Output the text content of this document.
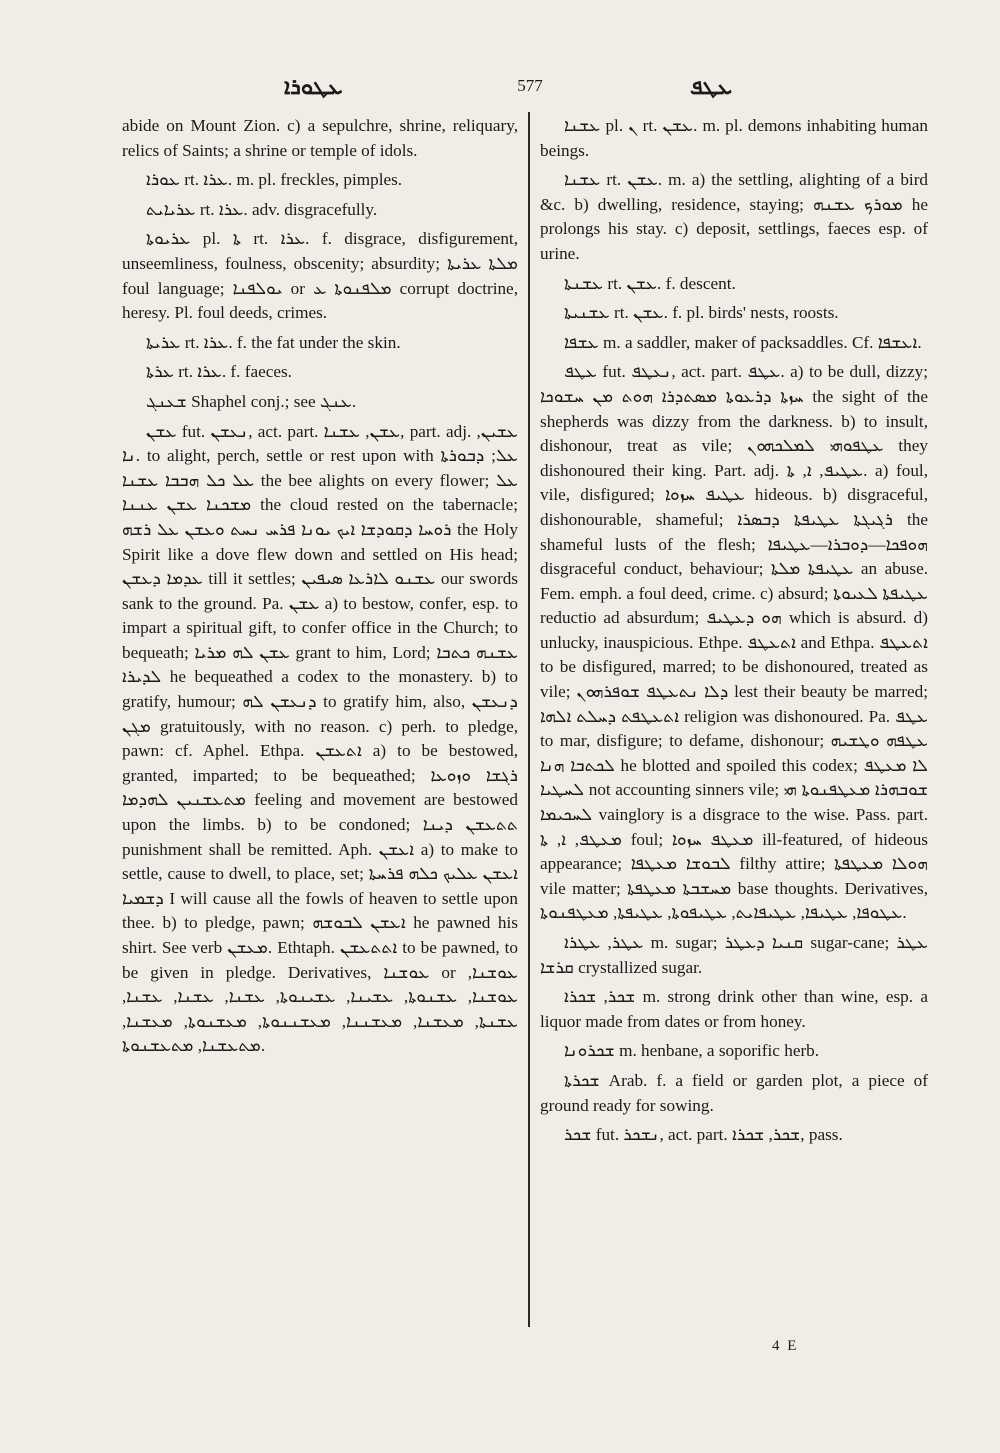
ܥܛܘܪܐ	577	ܥܛܦ

abide on Mount Zion. c) a sepulchre, shrine, reliquary, relics of Saints; a shrine or temple of idols.

ܥܘܪܐ rt. ܥܪܐ. m. pl. freckles, pimples.

ܥܪܝܐܝܬ rt. ܥܪܐ. adv. disgracefully.

ܥܪܝܘܬܐ pl. ܬܐ rt. ܥܪܐ. f. disgrace, disfigurement, unseemliness, foulness, obscenity; absurdity; ܡܠܬܐ ܥܪܝܬܐ foul language; ܝܘܠܦܢܐ or ܡܠܦܢܘܬܐ ܥ corrupt doctrine, heresy. Pl. foul deeds, crimes.

ܥܪܝܬܐ rt. ܥܪܐ. f. the fat under the skin.

ܥܪܬܐ rt. ܥܪܐ. f. faeces.

ܫܥܢܓ Shaphel conj.; see ܥܢܓ.

ܥܫܢ fut. ܢܥܫܢ, act. part. ܥܫܢ, ܥܫܢܐ, part. adj. ܥܫܝܢ, ܢܐ. to alight, perch, settle or rest upon with ܥܠ; ܕܒܘܪܬܐ ܥܠ ܟܠ ܗܒܒܐ ܥܫܢܐ the bee alights on every flower; ܥܠ ܡܫܟܢܐ ܥܫܢ ܥܢܢܐ the cloud rested on the tabernacle; ܪܘܚܐ ܕܩܘܕܫܐ ܐܝܟ ܝܘܢܐ ܦܪܚ ܢܚܬ ܘܥܫܢ ܥܠ ܪܫܗ the Holy Spirit like a dove flew down and settled on His head; ܥܕܡܐ ܕܥܫܢ till it settles; ܥܫܢܘ ܠܐܪܥܐ ܣܝܦܝܢ our swords sank to the ground. Pa. ܥܫܢ a) to bestow, confer, esp. to impart a spiritual gift, to confer office in the Church; to bequeath; ܥܫܢ ܠܗ ܡܪܝܐ grant to him, Lord; ܥܫܢܗ ܟܬܒܐ ܠܕܝܪܐ he bequeathed a codex to the monastery. b) to gratify, humour; ܕܢܥܫܢ ܠܗ to gratify him, also, ܕܢܥܫܢ ܡܓܢ gratuitously, with no reason. c) perh. to pledge, pawn: cf. Aphel. Ethpa. ܐܬܥܫܢ a) to be bestowed, granted, imparted; to be bequeathed; ܪܓܫܐ ܘܙܘܥܐ ܡܬܥܫܢܝܢ ܠܗܕܡܐ feeling and movement are bestowed upon the limbs. b) to be condoned; ܬܬܥܫܢ ܕܝܢܐ punishment shall be remitted. Aph. ܐܥܫܢ a) to make to settle, cause to dwell, to place, set; ܐܥܫܢ ܥܠܝܟ ܟܠܗ ܦܪܚܬܐ ܕܫܡܝܐ I will cause all the fowls of heaven to settle upon thee. b) to pledge, pawn; ܐܥܫܢ ܠܒܘܫܗ he pawned his shirt. See verb ܡܥܫܢ. Ethtaph. ܐܬܬܥܫܢ to be pawned, to be given in pledge. Derivatives, ܥܘܫܢܐ or ܥܘܫܢܐ, ܥܘܫܢܐ, ܥܫܢܘܬܐ, ܥܫܝܢܐ, ܥܫܝܢܘܬܐ, ܥܫܢܐ, ܥܫܢܐ, ܥܫܢܐ, ܥܫܢܬܐ, ܡܥܫܢܐ, ܡܥܫܢܢܐ, ܡܥܫܢܢܘܬܐ, ܡܥܫܢܘܬܐ, ܡܥܫܢܐ, ܡܬܥܫܢܐ, ܡܬܥܫܢܘܬܐ.

ܥܫܢܐ pl. ܢ rt. ܥܫܢ. m. pl. demons inhabiting human beings.

ܥܫܢܐ rt. ܥܫܢ. m. a) the settling, alighting of a bird &c. b) dwelling, residence, staying; ܡܘܪܟ ܥܫܢܗ he prolongs his stay. c) deposit, settlings, faeces esp. of urine.

ܥܫܢܬܐ rt. ܥܫܢ. f. descent.

ܥܫܢܝܬܐ rt. ܥܫܢ. f. pl. birds' nests, roosts.

ܥܫܦܐ m. a saddler, maker of packsaddles. Cf. ܐܥܫܦܐ.

ܥܛܦ fut. ܢܥܛܦ, act. part. ܥܛܦ. a) to be dull, dizzy; ܚܙܬܐ ܕܪܥܘܬܐ ܡܣܬܕܪܐ ܗܘܬ ܡܢ ܚܫܘܟܐ the sight of the shepherds was dizzy from the darkness. b) to insult, dishonour, treat as vile; ܥܛܦܘܗܝ ܠܡܠܟܗܘܢ they dishonoured their king. Part. adj. ܥܛܝܦ, ܐ, ܬܐ. a) foul, vile, disfigured; ܥܛܝܦ ܚܙܘܐ hideous. b) disgraceful, dishonourable, shameful; ܪܓܝܓܬܐ ܥܛܝܦܬܐ ܕܒܣܪܐ the shameful lusts of the flesh; ܗܘܦܟܐ—ܕܘܒܪܐ—ܥܛܝܦܐ disgraceful conduct, behaviour; ܥܛܝܦܬܐ ܡܠܬܐ an abuse. Fem. emph. a foul deed, crime. c) absurd; ܥܛܝܦܬܐ ܠܥܝܘܬܐ reductio ad absurdum; ܗܘ ܕܥܛܝܦ which is absurd. d) unlucky, inauspicious. Ethpe. ܐܬܥܛܦ and Ethpa. ܐܬܥܛܦ to be disfigured, marred; to be dishonoured, treated as vile; ܕܠܐ ܢܬܥܛܦ ܫܘܦܪܗܘܢ lest their beauty be marred; ܐܬܥܛܦܬ ܕܚܠܬ ܐܠܗܐ religion was dishonoured. Pa. ܥܛܦ to mar, disfigure; to defame, dishonour; ܥܛܦܗ ܘܛܫܝܗ ܠܟܬܒܐ ܗܢܐ he blotted and spoiled this codex; ܠܐ ܡܥܛܦ ܠܚܛܝܐ not accounting sinners vile; ܫܘܒܗܪܐ ܡܥܛܦܢܘܬܐ ܗܝ ܠܚܟܝܡܐ vainglory is a disgrace to the wise. Pass. part. ܡܥܛܦ, ܐ, ܬܐ foul; ܡܥܛܦ ܚܙܘܐ ill-featured, of hideous appearance; ܠܒܘܫܐ ܡܥܛܦܐ filthy attire; ܗܘܠܐ ܡܥܛܦܬܐ vile matter; ܡܚܫܒܬܐ ܡܥܛܦܬܐ base thoughts. Derivatives, ܥܛܘܦܐ, ܥܛܝܦܐ, ܥܛܝܦܐܝܬ, ܥܛܝܦܘܬܐ, ܥܛܝܦܬܐ, ܡܥܛܦܢܘܬܐ.

ܥܛܪ, ܥܛܪܐ m. sugar; ܩܢܝܐ ܕܥܛܪ sugar-cane; ܥܛܪ ܩܪܫܐ crystallized sugar.

ܫܟܪ, ܫܟܪܐ m. strong drink other than wine, esp. a liquor made from dates or from honey.

ܫܟܪܘܢܐ m. henbane, a soporific herb.

ܫܟܪܬܐ Arab. f. a field or garden plot, a piece of ground ready for sowing.

ܫܟܪ fut. ܢܫܟܪ, act. part. ܫܟܪ, ܫܟܪܐ, pass.

4 E
